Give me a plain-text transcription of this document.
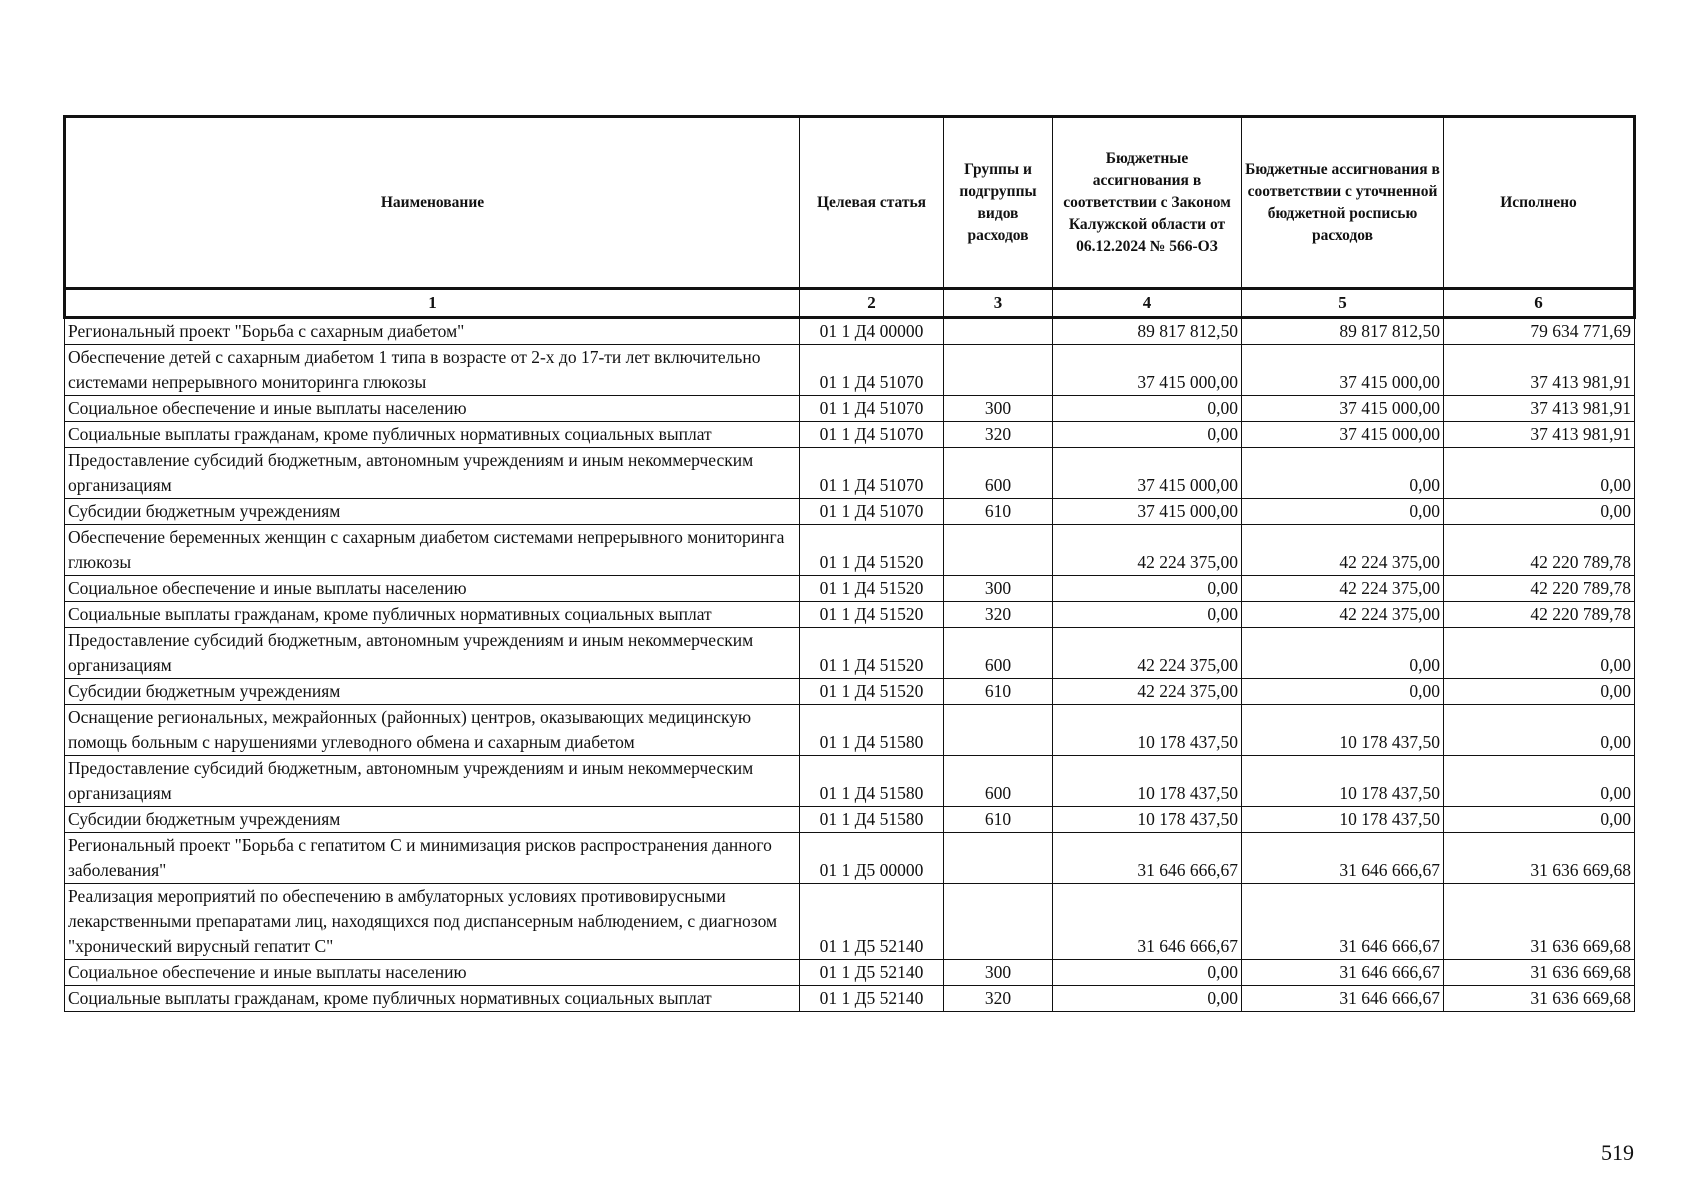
Наименование	Целевая статья	Группы и подгруппы видов расходов	Бюджетные ассигнования в соответствии с Законом Калужской области от 06.12.2024 № 566-ОЗ	Бюджетные ассигнования в соответствии с уточненной бюджетной росписью расходов	Исполнено
1	2	3	4	5	6
Региональный проект "Борьба с сахарным диабетом"	01 1 Д4 00000		89 817 812,50	89 817 812,50	79 634 771,69
Обеспечение детей с сахарным диабетом 1 типа в возрасте от 2-х до 17-ти лет включительно системами непрерывного мониторинга глюкозы	01 1 Д4 51070		37 415 000,00	37 415 000,00	37 413 981,91
Социальное обеспечение и иные выплаты населению	01 1 Д4 51070	300	0,00	37 415 000,00	37 413 981,91
Социальные выплаты гражданам, кроме публичных нормативных социальных выплат	01 1 Д4 51070	320	0,00	37 415 000,00	37 413 981,91
Предоставление субсидий бюджетным, автономным учреждениям и иным некоммерческим организациям	01 1 Д4 51070	600	37 415 000,00	0,00	0,00
Субсидии бюджетным учреждениям	01 1 Д4 51070	610	37 415 000,00	0,00	0,00
Обеспечение беременных женщин с сахарным диабетом системами непрерывного мониторинга глюкозы	01 1 Д4 51520		42 224 375,00	42 224 375,00	42 220 789,78
Социальное обеспечение и иные выплаты населению	01 1 Д4 51520	300	0,00	42 224 375,00	42 220 789,78
Социальные выплаты гражданам, кроме публичных нормативных социальных выплат	01 1 Д4 51520	320	0,00	42 224 375,00	42 220 789,78
Предоставление субсидий бюджетным, автономным учреждениям и иным некоммерческим организациям	01 1 Д4 51520	600	42 224 375,00	0,00	0,00
Субсидии бюджетным учреждениям	01 1 Д4 51520	610	42 224 375,00	0,00	0,00
Оснащение региональных, межрайонных (районных) центров, оказывающих медицинскую помощь больным с нарушениями углеводного обмена и сахарным диабетом	01 1 Д4 51580		10 178 437,50	10 178 437,50	0,00
Предоставление субсидий бюджетным, автономным учреждениям и иным некоммерческим организациям	01 1 Д4 51580	600	10 178 437,50	10 178 437,50	0,00
Субсидии бюджетным учреждениям	01 1 Д4 51580	610	10 178 437,50	10 178 437,50	0,00
Региональный проект "Борьба с гепатитом С и минимизация рисков распространения данного заболевания"	01 1 Д5 00000		31 646 666,67	31 646 666,67	31 636 669,68
Реализация мероприятий по обеспечению в амбулаторных условиях противовирусными лекарственными препаратами лиц, находящихся под диспансерным наблюдением, с диагнозом "хронический вирусный гепатит С"	01 1 Д5 52140		31 646 666,67	31 646 666,67	31 636 669,68
Социальное обеспечение и иные выплаты населению	01 1 Д5 52140	300	0,00	31 646 666,67	31 636 669,68
Социальные выплаты гражданам, кроме публичных нормативных социальных выплат	01 1 Д5 52140	320	0,00	31 646 666,67	31 636 669,68
519
